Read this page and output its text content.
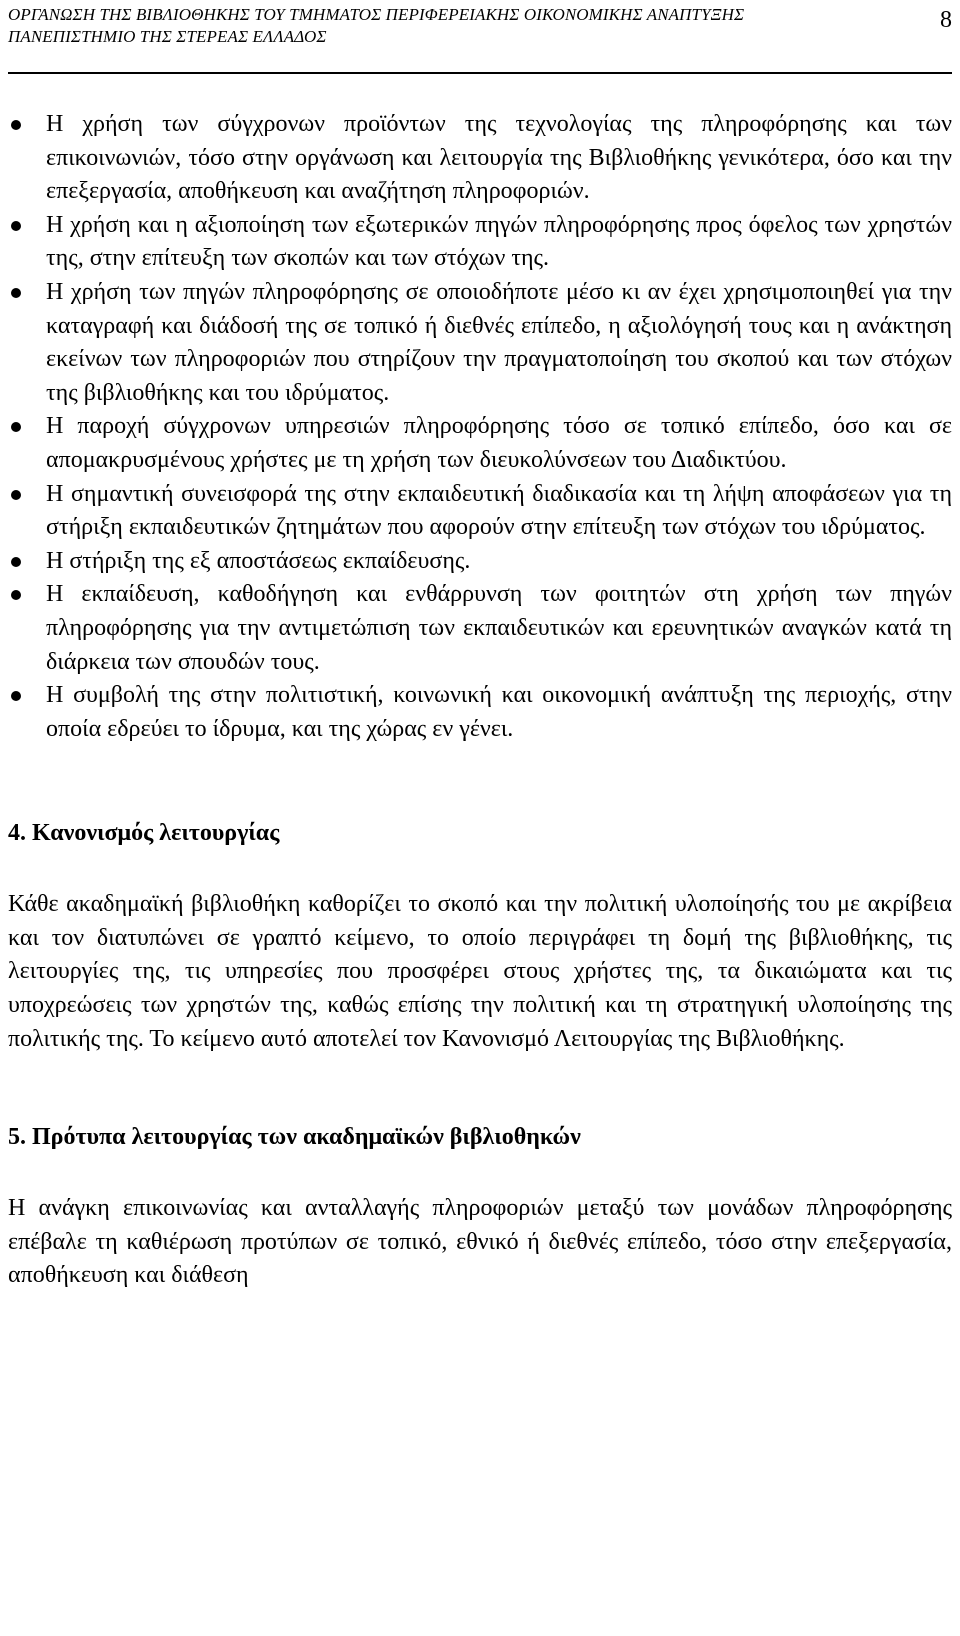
ΟΡΓΑΝΩΣΗ ΤΗΣ ΒΙΒΛΙΟΘΗΚΗΣ ΤΟΥ ΤΜΗΜΑΤΟΣ ΠΕΡΙΦΕΡΕΙΑΚΗΣ ΟΙΚΟΝΟΜΙΚΗΣ ΑΝΑΠΤΥΞΗΣ
ΠΑΝΕΠΙΣΤΗΜΙΟ ΤΗΣ ΣΤΕΡΕΑΣ ΕΛΛΑΔΟΣ
8
Η χρήση των σύγχρονων προϊόντων της τεχνολογίας της πληροφόρησης και των επικοινωνιών, τόσο στην οργάνωση και λειτουργία της Βιβλιοθήκης γενικότερα, όσο και την επεξεργασία, αποθήκευση και αναζήτηση πληροφοριών.
Η χρήση και η αξιοποίηση των εξωτερικών πηγών πληροφόρησης προς όφελος των χρηστών της, στην επίτευξη των σκοπών και των στόχων της.
Η χρήση των πηγών πληροφόρησης σε οποιοδήποτε μέσο κι αν έχει χρησιμοποιηθεί για την καταγραφή και διάδοσή της σε τοπικό ή διεθνές επίπεδο, η αξιολόγησή τους και η ανάκτηση εκείνων των πληροφοριών που στηρίζουν την πραγματοποίηση του σκοπού και των στόχων της βιβλιοθήκης και του ιδρύματος.
Η παροχή σύγχρονων υπηρεσιών πληροφόρησης τόσο σε τοπικό επίπεδο, όσο και σε απομακρυσμένους χρήστες με τη χρήση των διευκολύνσεων του Διαδικτύου.
Η σημαντική συνεισφορά της στην εκπαιδευτική διαδικασία και τη λήψη αποφάσεων για τη στήριξη εκπαιδευτικών ζητημάτων που αφορούν στην επίτευξη των στόχων του ιδρύματος.
Η στήριξη της εξ αποστάσεως εκπαίδευσης.
Η εκπαίδευση, καθοδήγηση και ενθάρρυνση των φοιτητών στη χρήση των πηγών πληροφόρησης για την αντιμετώπιση των εκπαιδευτικών και ερευνητικών αναγκών κατά τη διάρκεια των σπουδών τους.
Η συμβολή της στην πολιτιστική, κοινωνική και οικονομική ανάπτυξη της περιοχής, στην οποία εδρεύει το ίδρυμα, και της χώρας εν γένει.
4. Κανονισμός λειτουργίας

Κάθε ακαδημαϊκή βιβλιοθήκη καθορίζει το σκοπό και την πολιτική υλοποίησής του με ακρίβεια και τον διατυπώνει σε γραπτό κείμενο, το οποίο περιγράφει τη δομή της βιβλιοθήκης, τις λειτουργίες της, τις υπηρεσίες που προσφέρει στους χρήστες της, τα δικαιώματα και τις υποχρεώσεις των χρηστών της, καθώς επίσης την πολιτική και τη στρατηγική υλοποίησης της πολιτικής της. Το κείμενο αυτό αποτελεί τον Κανονισμό Λειτουργίας της Βιβλιοθήκης.

5. Πρότυπα λειτουργίας των ακαδημαϊκών βιβλιοθηκών

Η ανάγκη επικοινωνίας και ανταλλαγής πληροφοριών μεταξύ των μονάδων πληροφόρησης επέβαλε τη καθιέρωση προτύπων σε τοπικό, εθνικό ή διεθνές επίπεδο, τόσο στην επεξεργασία, αποθήκευση και διάθεση
